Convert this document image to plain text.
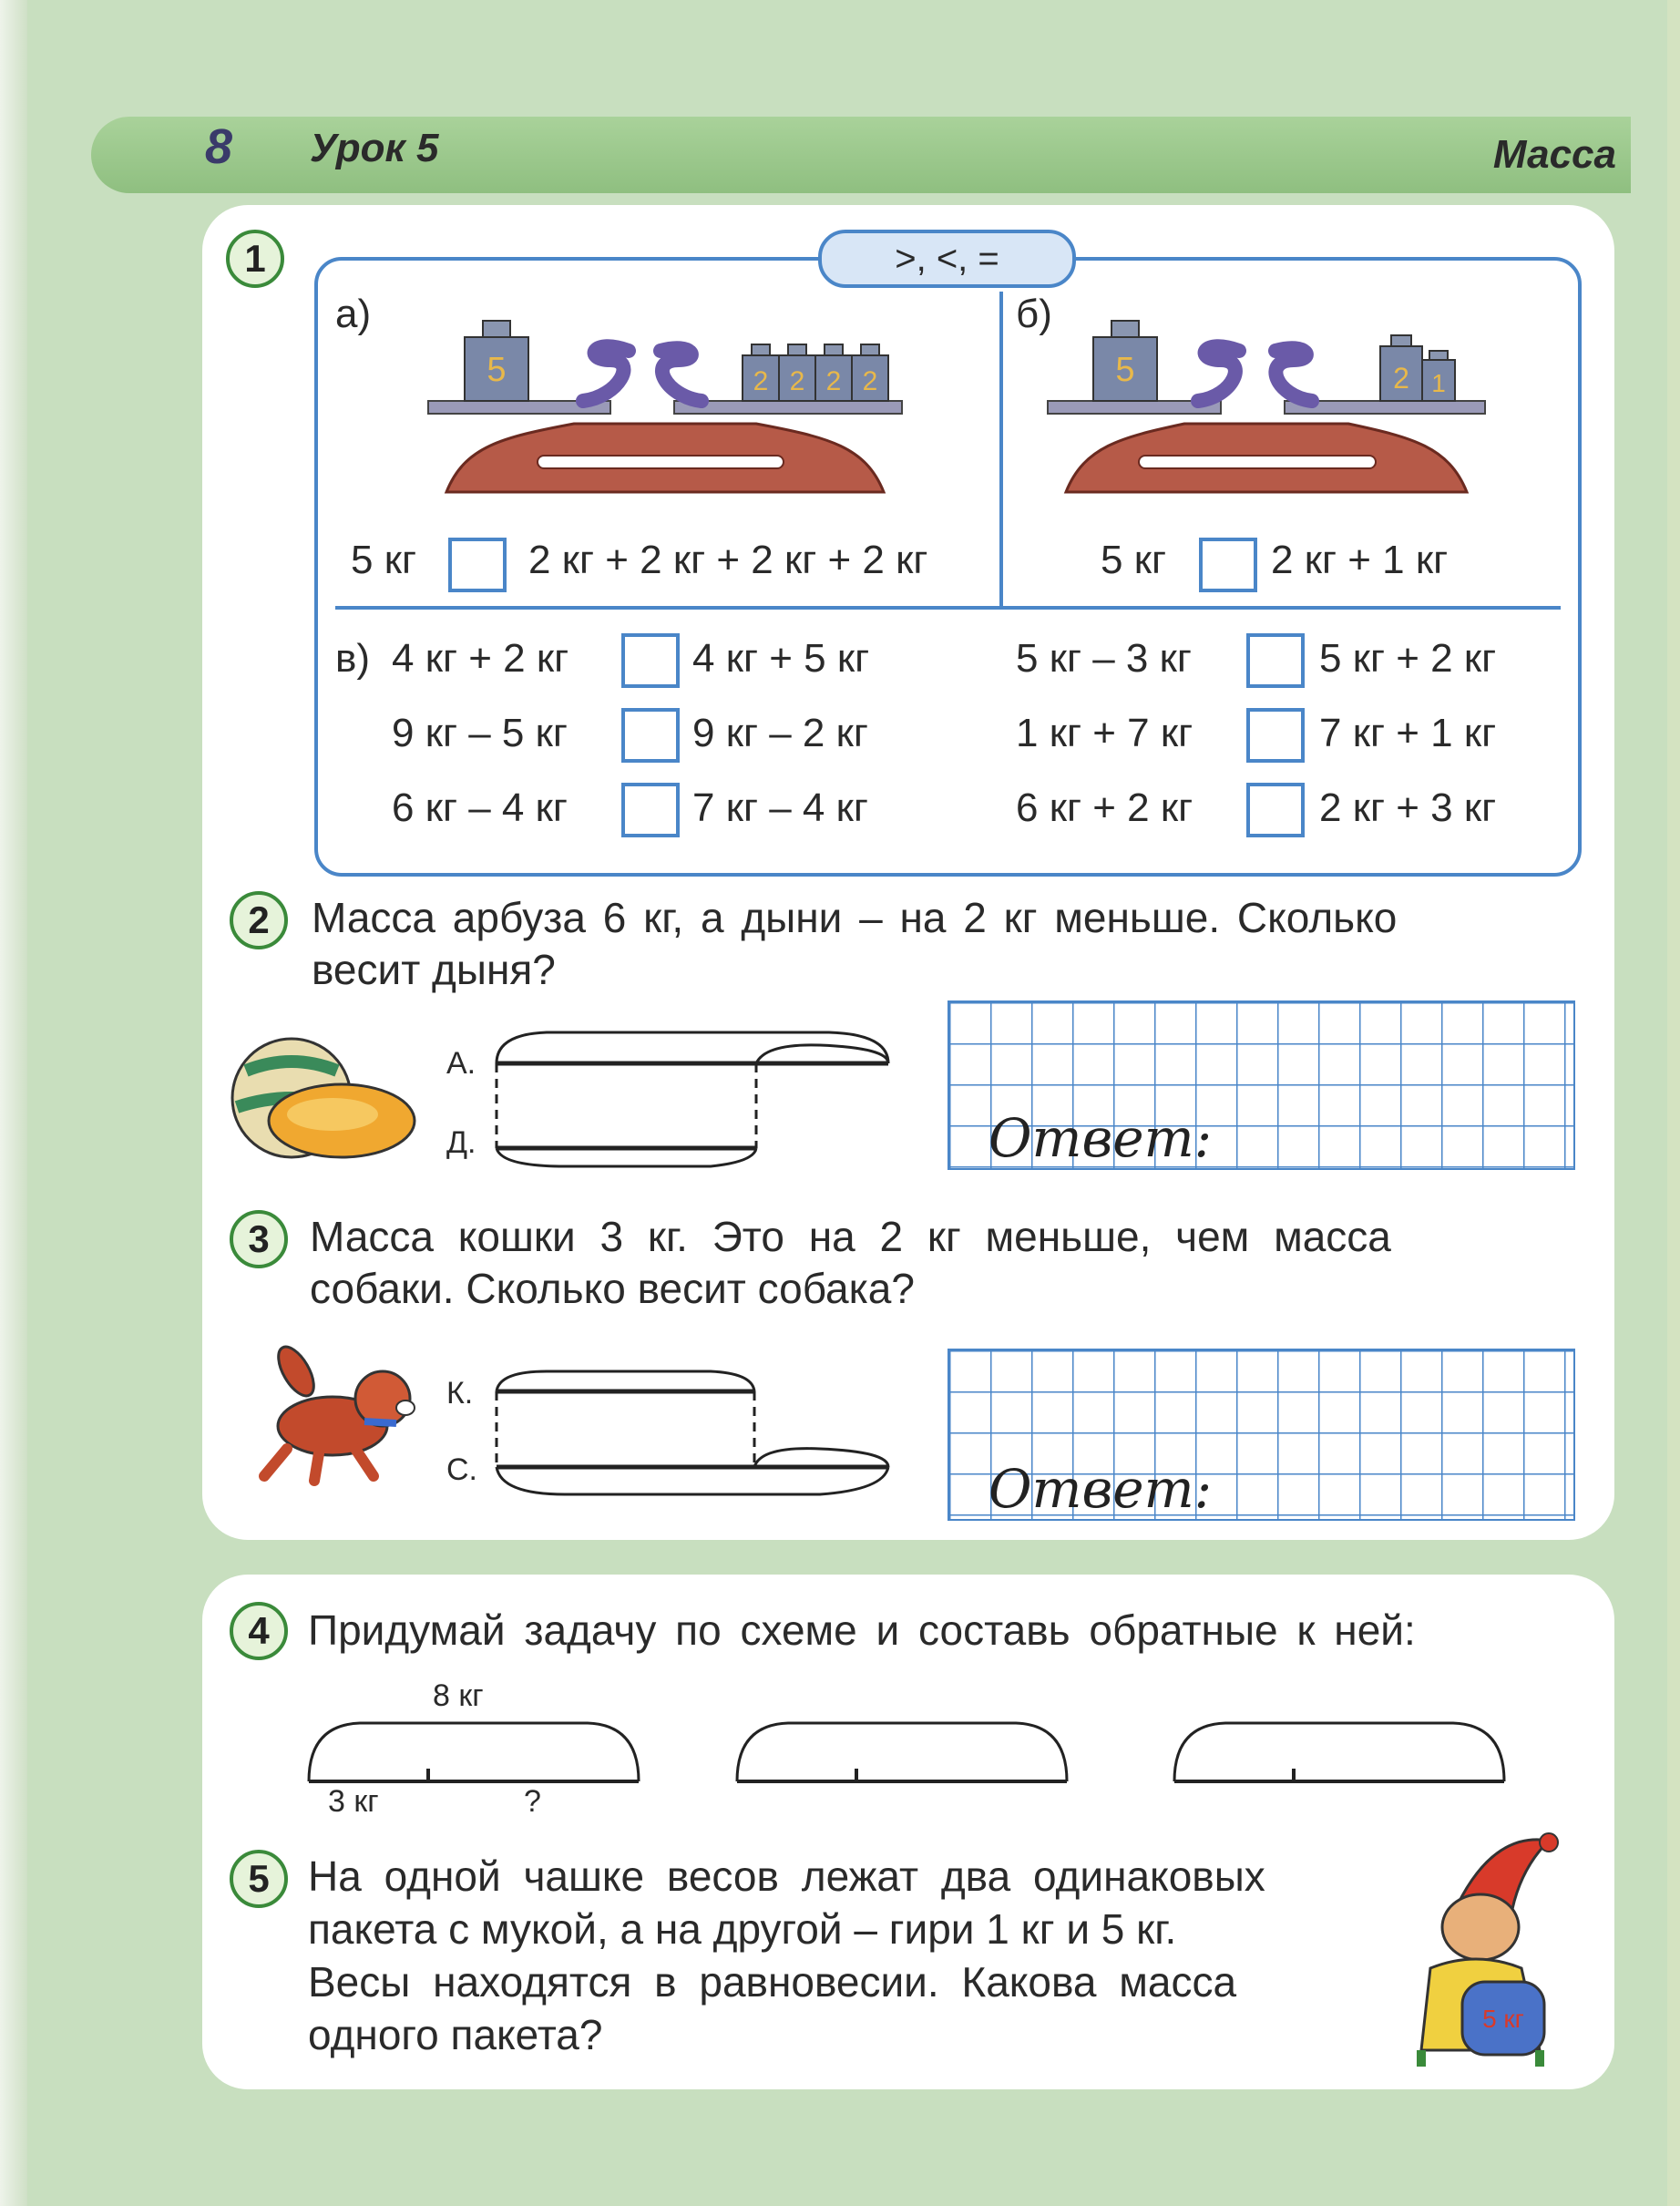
8 Урок 5	Масса
1	>, <, =
а)	б)
5	2 2 2 2	5	2 1
5 кг	2 кг + 2 кг + 2 кг + 2 кг	5 кг	2 кг + 1 кг
в) 4 кг + 2 кг	4 кг + 5 кг	5 кг – 3 кг	5 кг + 2 кг
9 кг – 5 кг	9 кг – 2 кг	1 кг + 7 кг	7 кг + 1 кг
6 кг – 4 кг	7 кг – 4 кг	6 кг + 2 кг	2 кг + 3 кг
2	Масса арбуза 6 кг, а дыни – на 2 кг меньше. Сколько
весит дыня?
А.
Д.	Ответ:
3 Масса кошки 3 кг. Это на 2 кг меньше, чем масса
собаки. Сколько весит собака?
К.
С.	Ответ:
4 Придумай задачу по схеме и составь обратные к ней:
8 кг
3 кг	?
5 На одной чашке весов лежат два одинаковых
пакета с мукой, а на другой – гири 1 кг и 5 кг.
Весы находятся в равновесии. Какова масса
одного пакета?	5 кг
